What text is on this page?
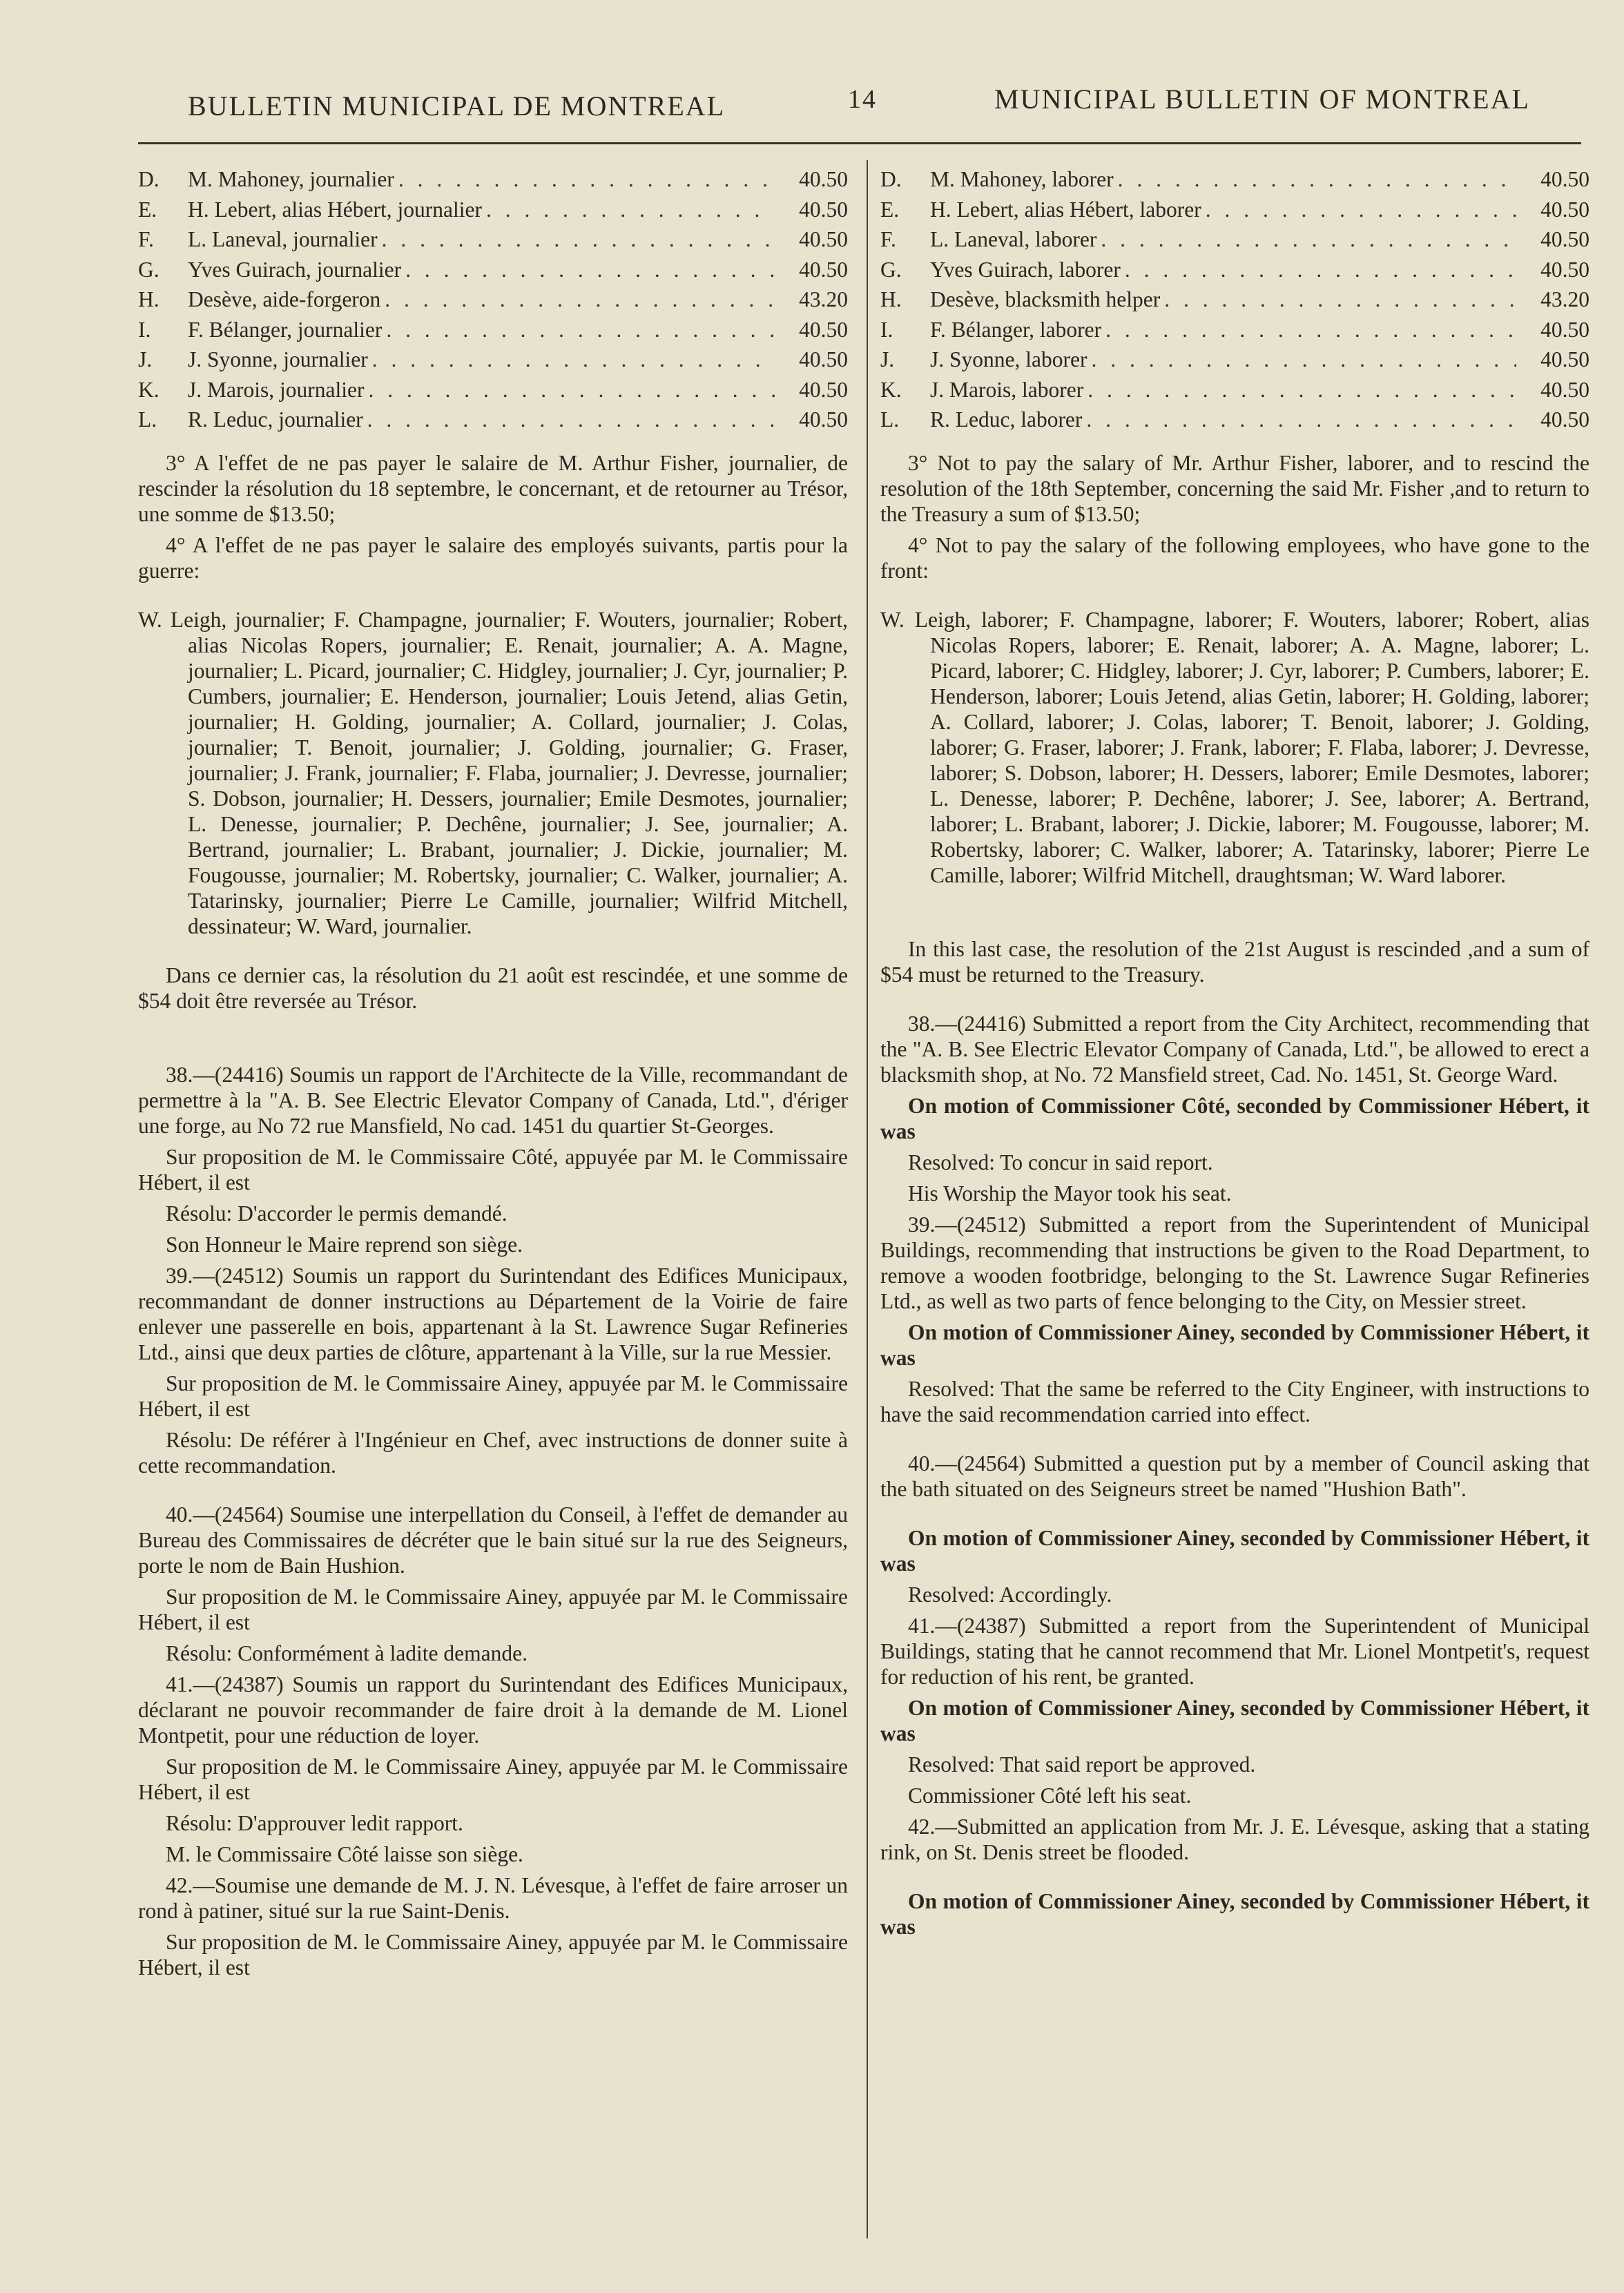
BULLETIN MUNICIPAL DE MONTREAL	14	MUNICIPAL BULLETIN OF MONTREAL
D.	M. Mahoney, journalier . . .	40.50
E.	H. Lebert, alias Hébert, journalier . . .	40.50
F.	L. Laneval, journalier . . .	40.50
G.	Yves Guirach, journalier . . .	40.50
H.	Desève, aide-forgeron . . .	43.20
I.	F. Bélanger, journalier . . .	40.50
J.	J. Syonne, journalier . . .	40.50
K.	J. Marois, journalier . . .	40.50
L.	R. Leduc, journalier . . .	40.50

3° A l'effet de ne pas payer le salaire de M. Arthur Fisher, journalier, de rescinder la résolution du 18 septembre, le concernant, et de retourner au Trésor, une somme de $13.50;

4° A l'effet de ne pas payer le salaire des employés suivants, partis pour la guerre:

W. Leigh, journalier; F. Champagne, journalier; F. Wouters, journalier; Robert, alias Nicolas Ropers, journalier; E. Renait, journalier; A. A. Magne, journalier; L. Picard, journalier; C. Hidgley, journalier; J. Cyr, journalier; P. Cumbers, journalier; E. Henderson, journalier; Louis Jetend, alias Getin, journalier; H. Golding, journalier; A. Collard, journalier; J. Colas, journalier; T. Benoit, journalier; J. Golding, journalier; G. Fraser, journalier; J. Frank, journalier; F. Flaba, journalier; J. Devresse, journalier; S. Dobson, journalier; H. Dessers, journalier; Emile Desmotes, journalier; L. Denesse, journalier; P. Dechêne, journalier; J. See, journalier; A. Bertrand, journalier; L. Brabant, journalier; J. Dickie, journalier; M. Fougousse, journalier; M. Robertsky, journalier; C. Walker, journalier; A. Tatarinsky, journalier; Pierre Le Camille, journalier; Wilfrid Mitchell, dessinateur; W. Ward, journalier.

Dans ce dernier cas, la résolution du 21 août est rescindée, et une somme de $54 doit être reversée au Trésor.

38.—(24416) Soumis un rapport de l'Architecte de la Ville, recommandant de permettre à la "A. B. See Electric Elevator Company of Canada, Ltd.", d'ériger une forge, au No 72 rue Mansfield, No cad. 1451 du quartier St-Georges.

Sur proposition de M. le Commissaire Côté, appuyée par M. le Commissaire Hébert, il est

Résolu: D'accorder le permis demandé.

Son Honneur le Maire reprend son siège.

39.—(24512) Soumis un rapport du Surintendant des Edifices Municipaux, recommandant de donner instructions au Département de la Voirie de faire enlever une passerelle en bois, appartenant à la St. Lawrence Sugar Refineries Ltd., ainsi que deux parties de clôture, appartenant à la Ville, sur la rue Messier.

Sur proposition de M. le Commissaire Ainey, appuyée par M. le Commissaire Hébert, il est

Résolu: De référer à l'Ingénieur en Chef, avec instructions de donner suite à cette recommandation.

40.—(24564) Soumise une interpellation du Conseil, à l'effet de demander au Bureau des Commissaires de décréter que le bain situé sur la rue des Seigneurs, porte le nom de Bain Hushion.

Sur proposition de M. le Commissaire Ainey, appuyée par M. le Commissaire Hébert, il est

Résolu: Conformément à ladite demande.

41.—(24387) Soumis un rapport du Surintendant des Edifices Municipaux, déclarant ne pouvoir recommander de faire droit à la demande de M. Lionel Montpetit, pour une réduction de loyer.

Sur proposition de M. le Commissaire Ainey, appuyée par M. le Commissaire Hébert, il est

Résolu: D'approuver ledit rapport.

M. le Commissaire Côté laisse son siège.

42.—Soumise une demande de M. J. N. Lévesque, à l'effet de faire arroser un rond à patiner, situé sur la rue Saint-Denis.

Sur proposition de M. le Commissaire Ainey, appuyée par M. le Commissaire Hébert, il est

D.	M. Mahoney, laborer . . .	40.50
E.	H. Lebert, alias Hébert, laborer . . .	40.50
F.	L. Laneval, laborer . . .	40.50
G.	Yves Guirach, laborer . . .	40.50
H.	Desève, blacksmith helper . . .	43.20
I.	F. Bélanger, laborer . . .	40.50
J.	J. Syonne, laborer . . .	40.50
K.	J. Marois, laborer . . .	40.50
L.	R. Leduc, laborer . . .	40.50

3° Not to pay the salary of Mr. Arthur Fisher, laborer, and to rescind the resolution of the 18th September, concerning the said Mr. Fisher ,and to return to the Treasury a sum of $13.50;

4° Not to pay the salary of the following employees, who have gone to the front:

W. Leigh, laborer; F. Champagne, laborer; F. Wouters, laborer; Robert, alias Nicolas Ropers, laborer; E. Renait, laborer; A. A. Magne, laborer; L. Picard, laborer; C. Hidgley, laborer; J. Cyr, laborer; P. Cumbers, laborer; E. Henderson, laborer; Louis Jetend, alias Getin, laborer; H. Golding, laborer; A. Collard, laborer; J. Colas, laborer; T. Benoit, laborer; J. Golding, laborer; G. Fraser, laborer; J. Frank, laborer; F. Flaba, laborer; J. Devresse, laborer; S. Dobson, laborer; H. Dessers, laborer; Emile Desmotes, laborer; L. Denesse, laborer; P. Dechêne, laborer; J. See, laborer; A. Bertrand, laborer; L. Brabant, laborer; J. Dickie, laborer; M. Fougousse, laborer; M. Robertsky, laborer; C. Walker, laborer; A. Tatarinsky, laborer; Pierre Le Camille, laborer; Wilfrid Mitchell, draughtsman; W. Ward laborer.

In this last case, the resolution of the 21st August is rescinded ,and a sum of $54 must be returned to the Treasury.

38.—(24416) Submitted a report from the City Architect, recommending that the "A. B. See Electric Elevator Company of Canada, Ltd.", be allowed to erect a blacksmith shop, at No. 72 Mansfield street, Cad. No. 1451, St. George Ward.

On motion of Commissioner Côté, seconded by Commissioner Hébert, it was

Resolved: To concur in said report.

His Worship the Mayor took his seat.

39.—(24512) Submitted a report from the Superintendent of Municipal Buildings, recommending that instructions be given to the Road Department, to remove a wooden footbridge, belonging to the St. Lawrence Sugar Refineries Ltd., as well as two parts of fence belonging to the City, on Messier street.

On motion of Commissioner Ainey, seconded by Commissioner Hébert, it was

Resolved: That the same be referred to the City Engineer, with instructions to have the said recommendation carried into effect.

40.—(24564) Submitted a question put by a member of Council asking that the bath situated on des Seigneurs street be named "Hushion Bath".

On motion of Commissioner Ainey, seconded by Commissioner Hébert, it was

Resolved: Accordingly.

41.—(24387) Submitted a report from the Superintendent of Municipal Buildings, stating that he cannot recommend that Mr. Lionel Montpetit's, request for reduction of his rent, be granted.

On motion of Commissioner Ainey, seconded by Commissioner Hébert, it was

Resolved: That said report be approved.

Commissioner Côté left his seat.

42.—Submitted an application from Mr. J. E. Lévesque, asking that a stating rink, on St. Denis street be flooded.

On motion of Commissioner Ainey, seconded by Commissioner Hébert, it was
